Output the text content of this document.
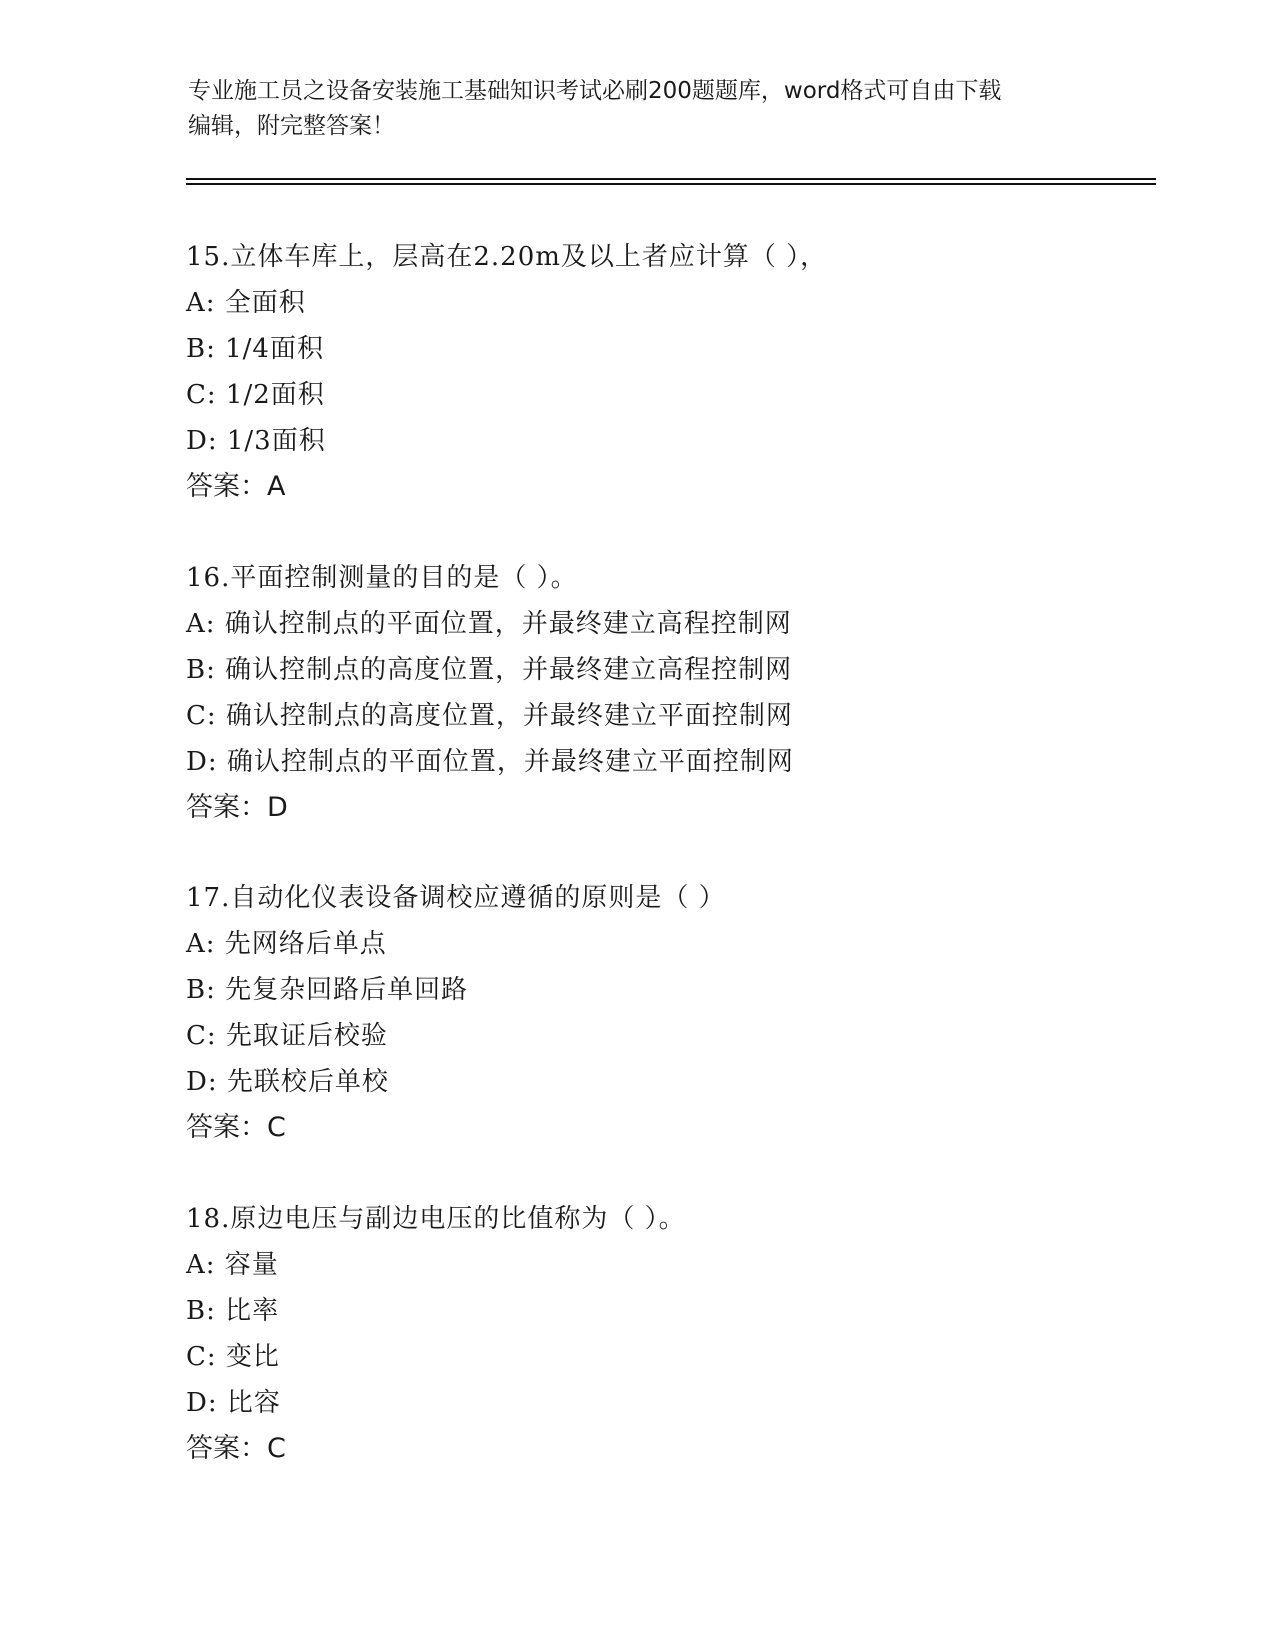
专业施工员之设备安装施工基础知识考试必刷200题题库，word格式可自由下载
编辑，附完整答案！
15.立体车库上，层高在2.20m及以上者应计算（ ），
A: 全面积
B: 1/4面积
C: 1/2面积
D: 1/3面积
答案：A
16.平面控制测量的目的是（ ）。
A: 确认控制点的平面位置，并最终建立高程控制网
B: 确认控制点的高度位置，并最终建立高程控制网
C: 确认控制点的高度位置，并最终建立平面控制网
D: 确认控制点的平面位置，并最终建立平面控制网
答案：D
17.自动化仪表设备调校应遵循的原则是（ ）
A: 先网络后单点
B: 先复杂回路后单回路
C: 先取证后校验
D: 先联校后单校
答案：C
18.原边电压与副边电压的比值称为（ ）。
A: 容量
B: 比率
C: 变比
D: 比容
答案：C
